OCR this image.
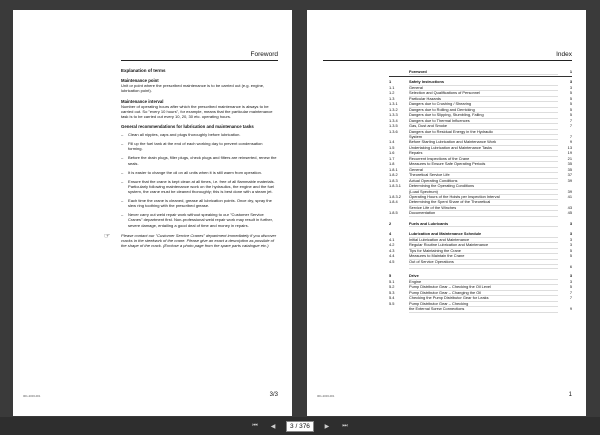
Foreword
Explanation of terms
Maintenance point
Unit or point where the prescribed maintenance is to be carried out (e.g. engine, lubrication point).
Maintenance interval
Number of operating hours after which the prescribed maintenance is always to be carried out. So "every 10 hours", for example, means that the particular maintenance task is to be carried out every 10, 20, 30 etc. operating hours.
General recommendations for lubrication and maintenance tasks
– Clean all nipples, caps and plugs thoroughly before lubrication.
– Fill up the fuel tank at the end of each working day to prevent condensation forming.
– Before the drain plugs, filler plugs, check plugs and filters are reinserted, renew the seals.
– It is easier to change the oil on all units when it is still warm from operation.
– Ensure that the crane is kept clean at all times, i.e. free of all flammable materials. Particularly following maintenance work on the hydraulics, the engine and the fuel system, the crane must be cleaned thoroughly; this is best done with a steam jet.
– Each time the crane is cleaned, grease all lubrication points. Once dry, spray the slew ring toothing with the prescribed grease.
– Never carry out weld repair work without speaking to our "Customer Service Cranes" department first. Non-professional weld repair work may result in further, severe damage, entailing a good deal of time and money in repairs.
☞	Please contact our "Customer Service Cranes" department immediately if you discover cracks in the steelwork of the crane. Please give an exact a description as possible of the shape of the crack. (Enclose a photo page from the spare parts catalogue etc.)
001-2003-001	3/3
Index
Foreword	1
1	Safety Instructions	3
1.1	General	3
1.2	Selection and Qualifications of Personnel	5
1.3	Particular Hazards	5
1.3.1	Dangers due to Crushing / Shearing	5
1.3.2	Dangers due to Rolling and Derricking	5
1.3.3	Dangers due to Slipping, Stumbling, Falling	5
1.3.4	Dangers due to Thermal Influences	7
1.3.5	Gas, Dust and Smoke	7
1.3.6	Dangers due to Residual Energy in the Hydraulic
System	7
1.4	Before Starting Lubrication and Maintenance Work	9
1.5	Undertaking Lubrication and Maintenance Tasks	13
1.6	Repairs	19
1.7	Recurrent Inspections of the Crane	21
1.8	Measures to Ensure Safe Operating Periods	35
1.8.1	General	35
1.8.2	Theoretical Service Life	37
1.8.3	Actual Operating Conditions	39
1.8.3.1	Determining the Operating Conditions
(Load Spectrum)	39
1.8.3.2	Operating Hours of the Hoists per Inspection Interval	41
1.8.4	Determining the Spent Share of the Theoretical
Service Life of the Winches	43
1.8.5	Documentation	45
2	Fuels and Lubricants	3
4	Lubrication and Maintenance Schedule	3
4.1	Initial Lubrication and Maintenance	3
4.2	Regular Routine Lubrication and Maintenance	3
4.3	Tips for Maintaining the Crane	5
4.4	Measures to Maintain the Crane	5
4.5	Out of Service Operations
6
5	Drive	3
5.1	Engine	3
5.2	Pump Distributor Gear – Checking the Oil Level	5
5.3	Pump Distributor Gear – Changing the Oil	7
5.4	Checking the Pump Distributor Gear for Leaks	7
5.5	Pump Distributor Gear – Checking
the External Screw Connections	9
001-2003-001	1
⏮	◀	3 / 376	▶	⏭
